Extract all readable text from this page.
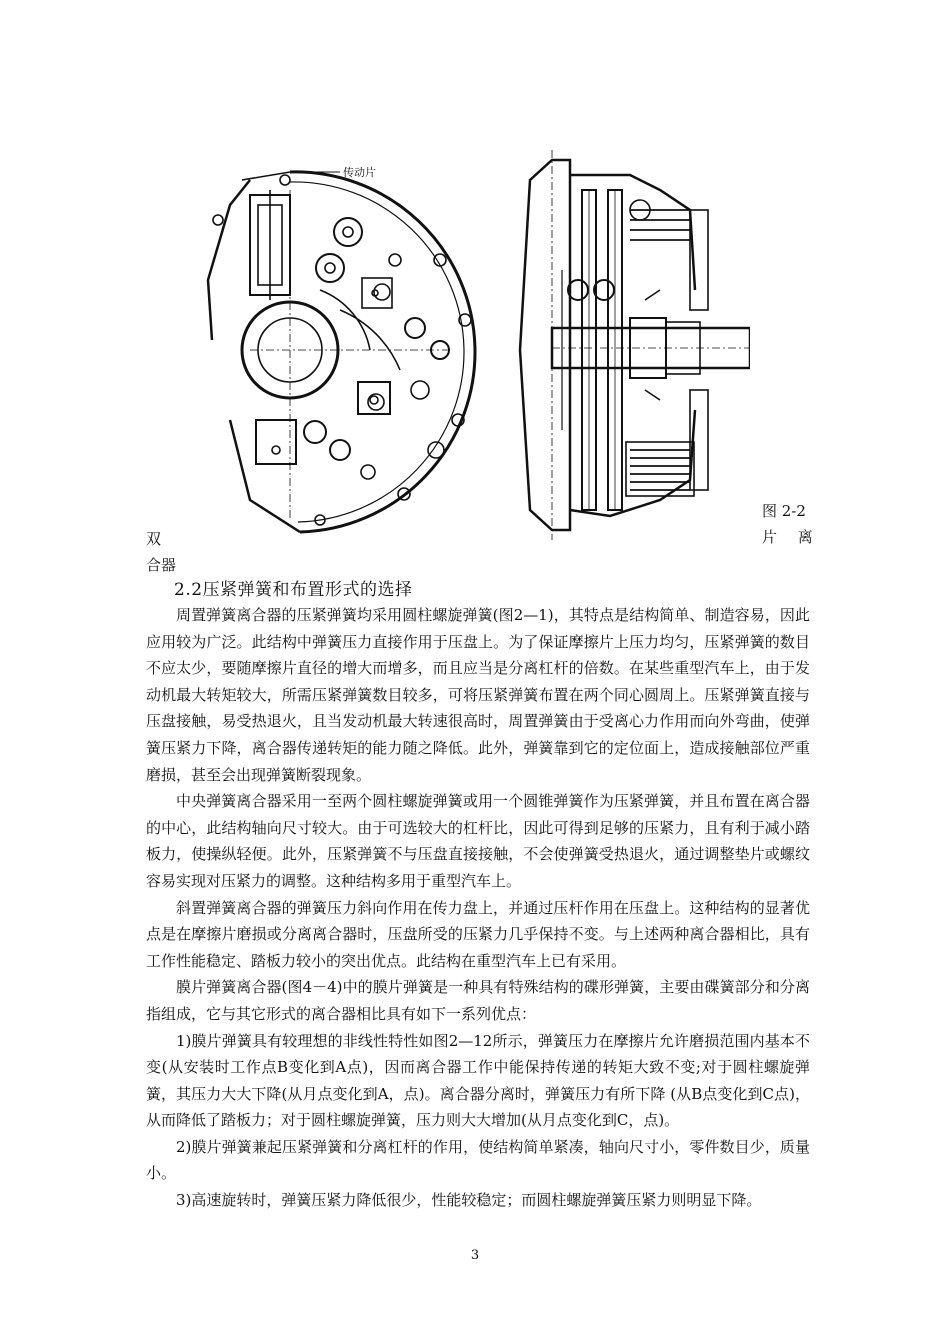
传动片
图 2-2
片 离
双
合器
2.2压紧弹簧和布置形式的选择

周置弹簧离合器的压紧弹簧均采用圆柱螺旋弹簧(图2—1)，其特点是结构简单、制造容易，因此应用较为广泛。此结构中弹簧压力直接作用于压盘上。为了保证摩擦片上压力均匀，压紧弹簧的数目不应太少，要随摩擦片直径的增大而增多，而且应当是分离杠杆的倍数。在某些重型汽车上，由于发动机最大转矩较大，所需压紧弹簧数目较多，可将压紧弹簧布置在两个同心圆周上。压紧弹簧直接与压盘接触，易受热退火，且当发动机最大转速很高时，周置弹簧由于受离心力作用而向外弯曲，使弹簧压紧力下降，离合器传递转矩的能力随之降低。此外，弹簧靠到它的定位面上，造成接触部位严重磨损，甚至会出现弹簧断裂现象。

中央弹簧离合器采用一至两个圆柱螺旋弹簧或用一个圆锥弹簧作为压紧弹簧，并且布置在离合器的中心，此结构轴向尺寸较大。由于可选较大的杠杆比，因此可得到足够的压紧力，且有利于减小踏板力，使操纵轻便。此外，压紧弹簧不与压盘直接接触，不会使弹簧受热退火，通过调整垫片或螺纹容易实现对压紧力的调整。这种结构多用于重型汽车上。

斜置弹簧离合器的弹簧压力斜向作用在传力盘上，并通过压杆作用在压盘上。这种结构的显著优点是在摩擦片磨损或分离离合器时，压盘所受的压紧力几乎保持不变。与上述两种离合器相比，具有工作性能稳定、踏板力较小的突出优点。此结构在重型汽车上已有采用。

膜片弹簧离合器(图4－4)中的膜片弹簧是一种具有特殊结构的碟形弹簧，主要由碟簧部分和分离指组成，它与其它形式的离合器相比具有如下一系列优点：

1)膜片弹簧具有较理想的非线性特性如图2—12所示，弹簧压力在摩擦片允许磨损范围内基本不变(从安装时工作点B变化到A点)，因而离合器工作中能保持传递的转矩大致不变;对于圆柱螺旋弹簧，其压力大大下降(从月点变化到A，点)。离合器分离时，弹簧压力有所下降 (从B点变化到C点)，从而降低了踏板力；对于圆柱螺旋弹簧，压力则大大增加(从月点变化到C，点)。

2)膜片弹簧兼起压紧弹簧和分离杠杆的作用，使结构简单紧凑，轴向尺寸小，零件数目少，质量小。

3)高速旋转时，弹簧压紧力降低很少，性能较稳定；而圆柱螺旋弹簧压紧力则明显下降。

3
